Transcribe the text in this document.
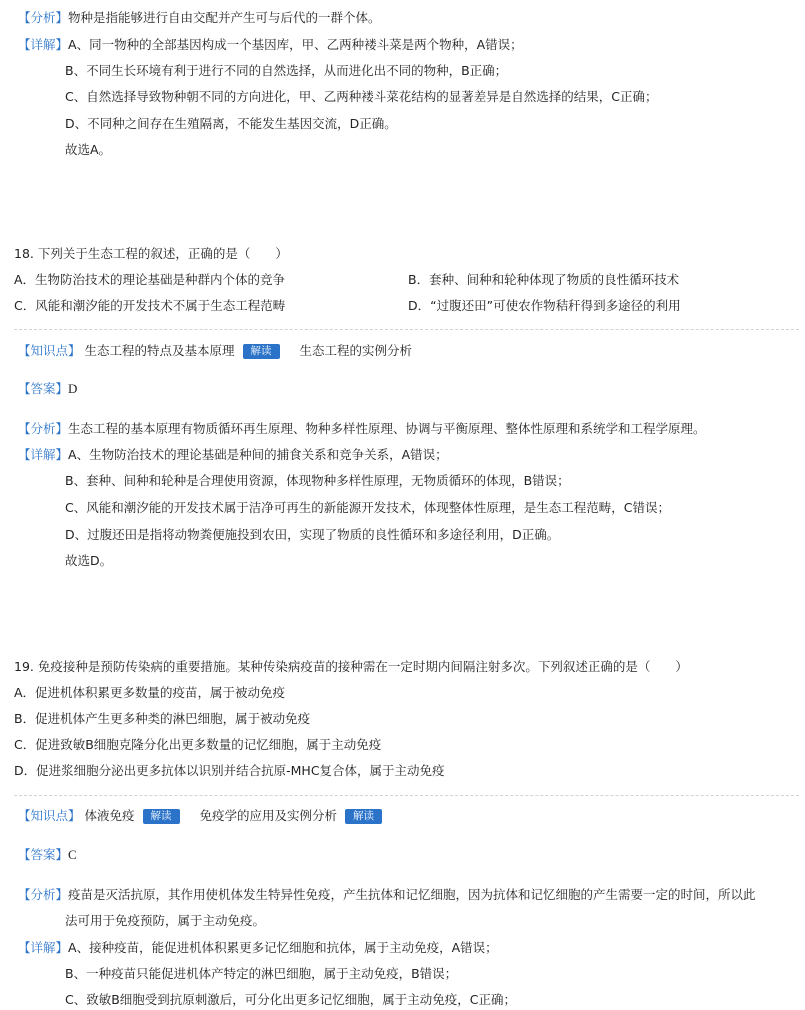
【分析】物种是指能够进行自由交配并产生可与后代的一群个体。
【详解】A、同一物种的全部基因构成一个基因库，甲、乙两种褛斗菜是两个物种，A错误；
B、不同生长环境有利于进行不同的自然选择，从而进化出不同的物种，B正确；
C、自然选择导致物种朝不同的方向进化，甲、乙两种褛斗菜花结构的显著差异是自然选择的结果，C正确；
D、不同种之间存在生殖隔离，不能发生基因交流，D正确。
故选A。
18. 下列关于生态工程的叙述，正确的是（　　）
A．生物防治技术的理论基础是种群内个体的竞争	B．套种、间种和轮种体现了物质的良性循环技术
C．风能和潮汐能的开发技术不属于生态工程范畴	D．“过腹还田”可使农作物秸秆得到多途径的利用
【知识点】 生态工程的特点及基本原理 解读 生态工程的实例分析
【答案】D
【分析】生态工程的基本原理有物质循环再生原理、物种多样性原理、协调与平衡原理、整体性原理和系统学和工程学原理。
【详解】A、生物防治技术的理论基础是种间的捕食关系和竞争关系，A错误；
B、套种、间种和轮种是合理使用资源，体现物种多样性原理，无物质循环的体现，B错误；
C、风能和潮汐能的开发技术属于洁净可再生的新能源开发技术，体现整体性原理，是生态工程范畴，C错误；
D、过腹还田是指将动物粪便施投到农田，实现了物质的良性循环和多途径利用，D正确。
故选D。
19. 免疫接种是预防传染病的重要措施。某种传染病疫苗的接种需在一定时期内间隔注射多次。下列叙述正确的是（　　）
A．促进机体积累更多数量的疫苗，属于被动免疫
B．促进机体产生更多种类的淋巴细胞，属于被动免疫
C．促进致敏B细胞克隆分化出更多数量的记忆细胞，属于主动免疫
D．促进浆细胞分泌出更多抗体以识别并结合抗原-MHC复合体，属于主动免疫
【知识点】 体液免疫 解读 免疫学的应用及实例分析 解读
【答案】C
【分析】疫苗是灭活抗原，其作用使机体发生特异性免疫，产生抗体和记忆细胞，因为抗体和记忆细胞的产生需要一定的时间，所以此
法可用于免疫预防，属于主动免疫。
【详解】A、接种疫苗，能促进机体积累更多记忆细胞和抗体，属于主动免疫，A错误；
B、一种疫苗只能促进机体产特定的淋巴细胞，属于主动免疫，B错误；
C、致敏B细胞受到抗原刺激后，可分化出更多记忆细胞，属于主动免疫，C正确；
